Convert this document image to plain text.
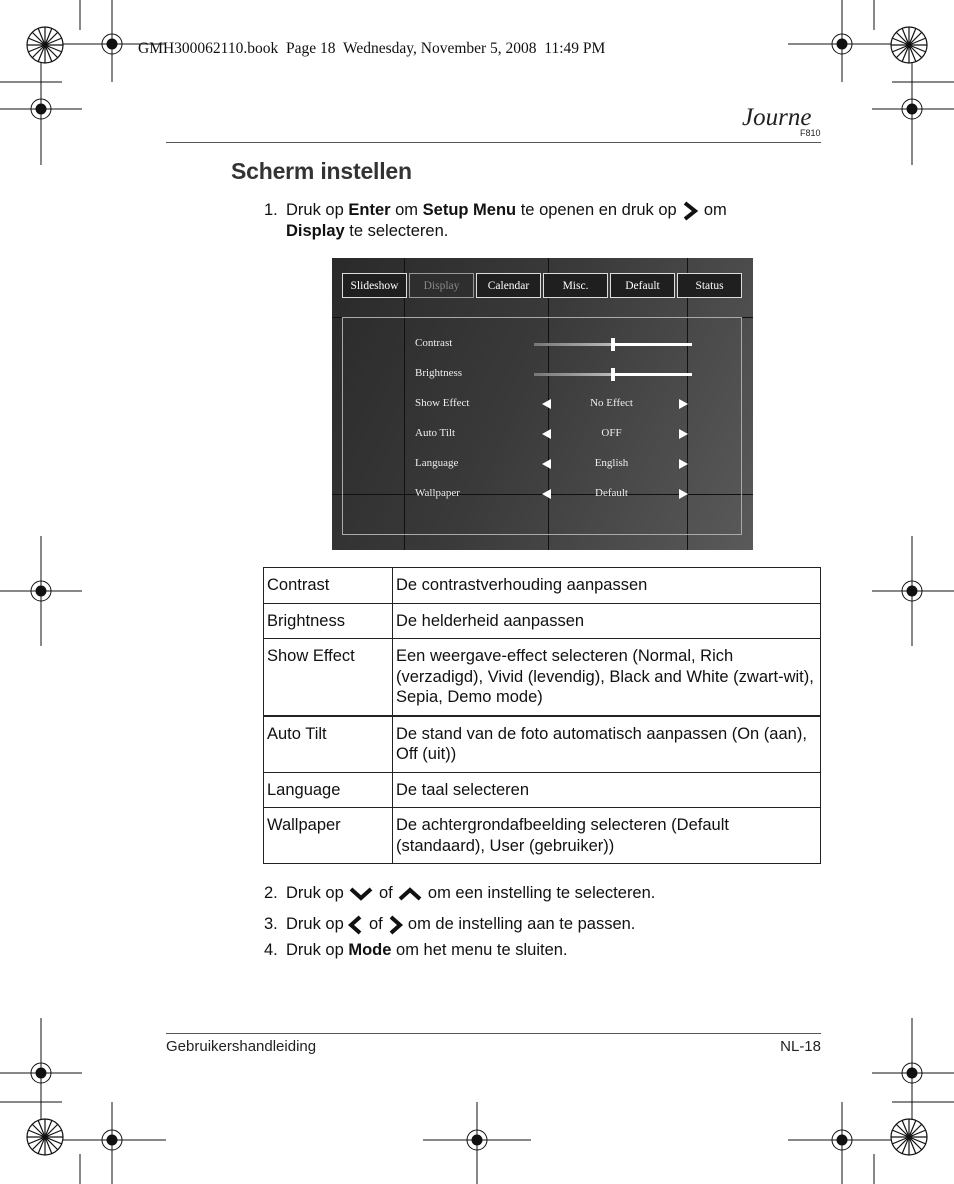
GMH300062110.book  Page 18  Wednesday, November 5, 2008  11:49 PM
Journe
F810
Scherm instellen
1. Druk op Enter om Setup Menu te openen en druk op  om
Display te selecteren.
Slideshow	Display	Calendar	Misc.	Default	Status
Contrast
Brightness
Show Effect	No Effect
Auto Tilt	OFF
Language	English
Wallpaper	Default
Contrast	De contrastverhouding aanpassen
Brightness	De helderheid aanpassen
Show Effect	Een weergave-effect selecteren (Normal, Rich (verzadigd), Vivid (levendig), Black and White (zwart-wit), Sepia, Demo mode)
Auto Tilt	De stand van de foto automatisch aanpassen (On (aan), Off (uit))
Language	De taal selecteren
Wallpaper	De achtergrondafbeelding selecteren (Default (standaard), User (gebruiker))
2. Druk op  of  om een instelling te selecteren.
3. Druk op  of  om de instelling aan te passen.
4. Druk op Mode om het menu te sluiten.
Gebruikershandleiding	NL-18
